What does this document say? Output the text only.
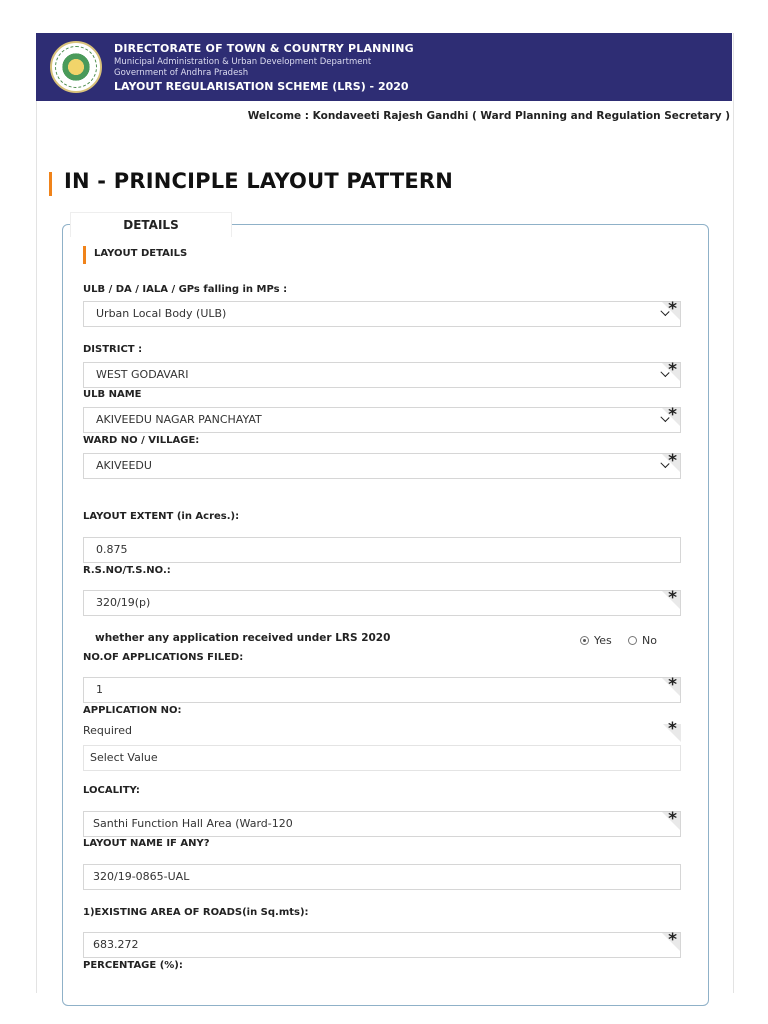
DIRECTORATE OF TOWN & COUNTRY PLANNING
Municipal Administration & Urban Development Department
Government of Andhra Pradesh
LAYOUT REGULARISATION SCHEME (LRS) - 2020
Welcome : Kondaveeti Rajesh Gandhi ( Ward Planning and Regulation Secretary )
IN - PRINCIPLE LAYOUT PATTERN
DETAILS
LAYOUT DETAILS
ULB / DA / IALA / GPs falling in MPs :
Urban Local Body (ULB)	*
DISTRICT :
WEST GODAVARI	*
ULB NAME
AKIVEEDU NAGAR PANCHAYAT	*
WARD NO / VILLAGE:
AKIVEEDU	*
LAYOUT EXTENT (in Acres.):
0.875
R.S.NO/T.S.NO.:
320/19(p)	*
whether any application received under LRS 2020	Yes	No
NO.OF APPLICATIONS FILED:
1	*
APPLICATION NO:
Required
Select Value
*
LOCALITY:
Santhi Function Hall Area (Ward-120	*
LAYOUT NAME IF ANY?
320/19-0865-UAL
1)EXISTING AREA OF ROADS(in Sq.mts):
683.272	*
PERCENTAGE (%):
